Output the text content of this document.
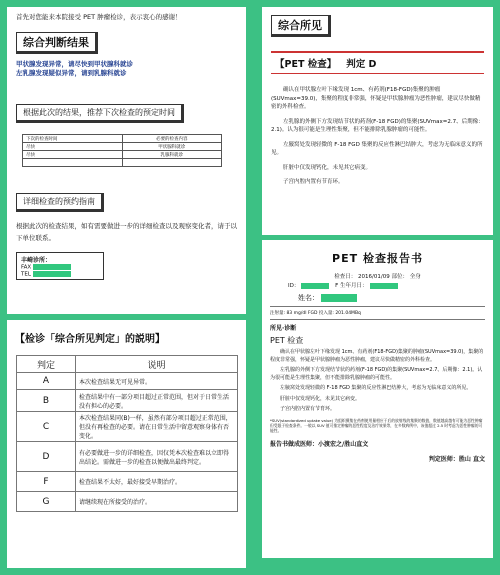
首先对您能来本院接受 PET 肿瘤检诊，表示衷心的感谢！

综合判断结果

甲状腺发现异常，请尽快到甲状腺科就诊

左乳腺发现疑似异常，请到乳腺科就诊

根据此次的结果，推荐下次检查的预定时间
下次的检查时间	必要的检查内容
尽快	甲状腺科就诊
尽快	乳腺科就诊

详细检查的预约指南

根据此次的检查结果，如有需要做进一步的详细检查以及观察变化者，请于以下单位联系。

丰崎诊所：
FAX
TEL
综合所见
【PET 检查】 判定 D

确认在甲状腺左叶下缘发现 1cm、有药剂(F18-FGD)集聚的肿瘤(SUVmax=39.0)，集聚的程度非常强，怀疑是甲状腺肿瘤为恶性肿瘤，建议尽快做精密的外科检查。

左乳腺的外侧下方发现结节状的药剂(F-18 FGD)的集聚(SUVmax=2.7、后期像：2.1)。认为很可能是生理性集聚，但不能排除乳腺肿瘤的可能性。

左腋窝处发现轻微的 F-18 FGD 集聚的反应性淋巴结肿大，考虑为无临床意义的所见。

肝脏中仅发现钙化，未见其它病变。

子宫内腔内置有节育环。

PET 检查报告书
检查日： 2016/01/09 部位： 全身
ID：	F 生年月日：
姓名：
注射量: 83 mg/dl FGD 投入量: 201.04MBq
所见·诊断
PET 检查

确认在甲状腺左叶下缘发现 1cm、有药剂(F18-FGD)集聚的肿瘤(SUVmax=39.0)，集聚的程度非常强，怀疑是甲状腺肿瘤为恶性肿瘤，建议尽快做精密的外科检查。

左乳腺的外侧下方发现结节状的药剂(F-18 FGD)的集聚(SUVmax=2.7、后期像：2.1)。认为很可能是生理性集聚，但不能排除乳腺肿瘤的可能性。

左腋窝处发现轻微的 F-18 FGD 集聚的反应性淋巴结肿大，考虑为无临床意义的所见。

肝脏中仅发现钙化，未见其它病变。

子宫内腔内置有节育环。

*SUV(standardized uptake value) 为组织摄集在药剂使用量相应于后的放射线的集聚的数值，数值越高越有可能为恶性肿瘤但受限于检查条件。一般以 SUV 值可推定肿瘤的恶性程度及治疗效果等，在多数病例中，该值超过 2.5 时考虑为恶性肿瘤的可能性。
报告书做成医师：小渡宏之/胜山直文
判定医师：胜山 直文
【检诊「综合所见判定」的説明】
判定	说明
A	本次检查结果无可见异常。
B	检查结果中有一部分项目超过正常范围，但对于日常生活没有担心的必要。
C	本次检查结果同(B)一样，虽然有部分项目超过正常范围，但没有再检查的必要。请在日常生活中留意观察身体有否变化。
D	有必要做进一步的详细检查，因仅凭本次检查难以立即得出结论。需做进一步的检查以便做出最终判定。
F	检查结果不太好，最好接受早期治疗。
G	请继续现在所接受的治疗。
